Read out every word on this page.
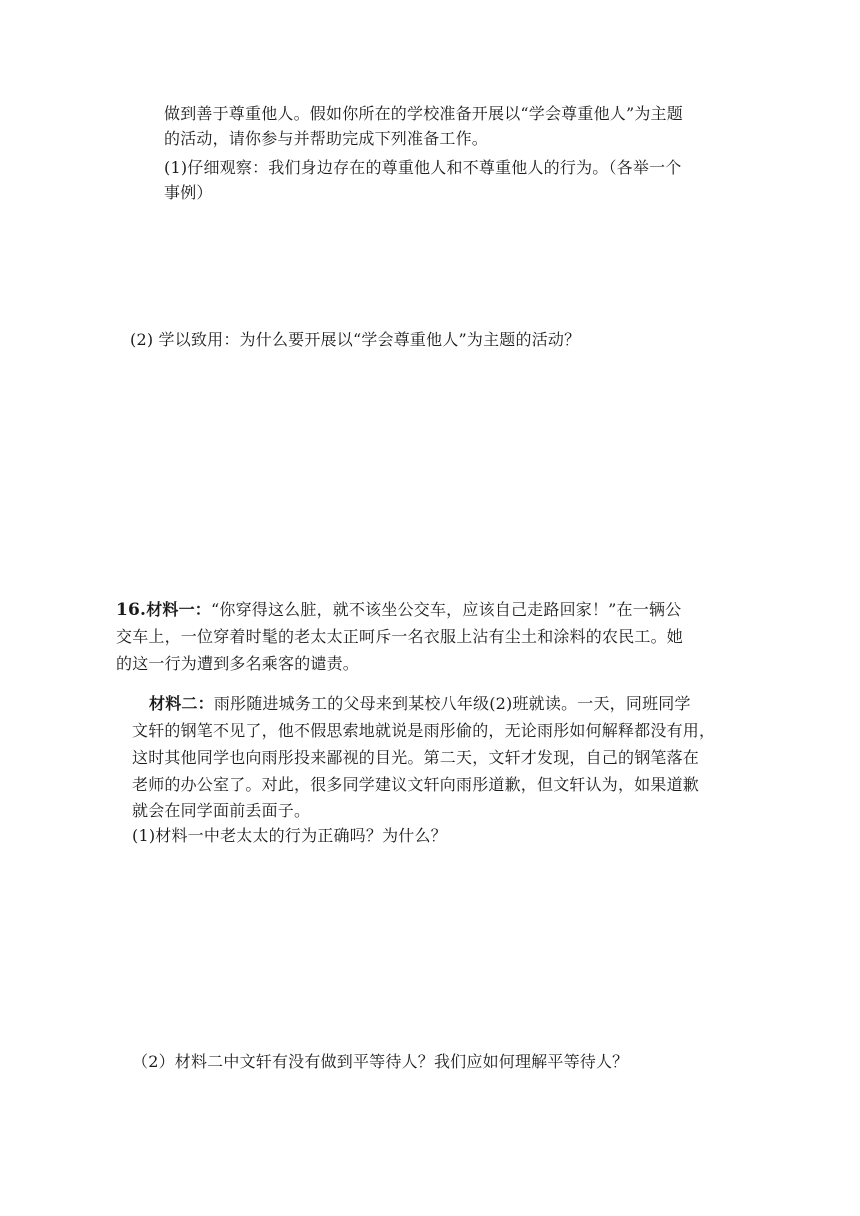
做到善于尊重他人。假如你所在的学校准备开展以“学会尊重他人”为主题
的活动，请你参与并帮助完成下列准备工作。
(1)仔细观察：我们身边存在的尊重他人和不尊重他人的行为。（各举一个
事例）
(2) 学以致用：为什么要开展以“学会尊重他人”为主题的活动？
16.材料一：“你穿得这么脏，就不该坐公交车，应该自己走路回家！”在一辆公
交车上，一位穿着时髦的老太太正呵斥一名衣服上沾有尘土和涂料的农民工。她
的这一行为遭到多名乘客的谴责。
材料二：雨彤随进城务工的父母来到某校八年级(2)班就读。一天，同班同学
文轩的钢笔不见了，他不假思索地就说是雨彤偷的，无论雨彤如何解释都没有用，
这时其他同学也向雨彤投来鄙视的目光。第二天，文轩才发现，自己的钢笔落在
老师的办公室了。对此，很多同学建议文轩向雨彤道歉，但文轩认为，如果道歉
就会在同学面前丢面子。
(1)材料一中老太太的行为正确吗？为什么？
（2）材料二中文轩有没有做到平等待人？我们应如何理解平等待人？
